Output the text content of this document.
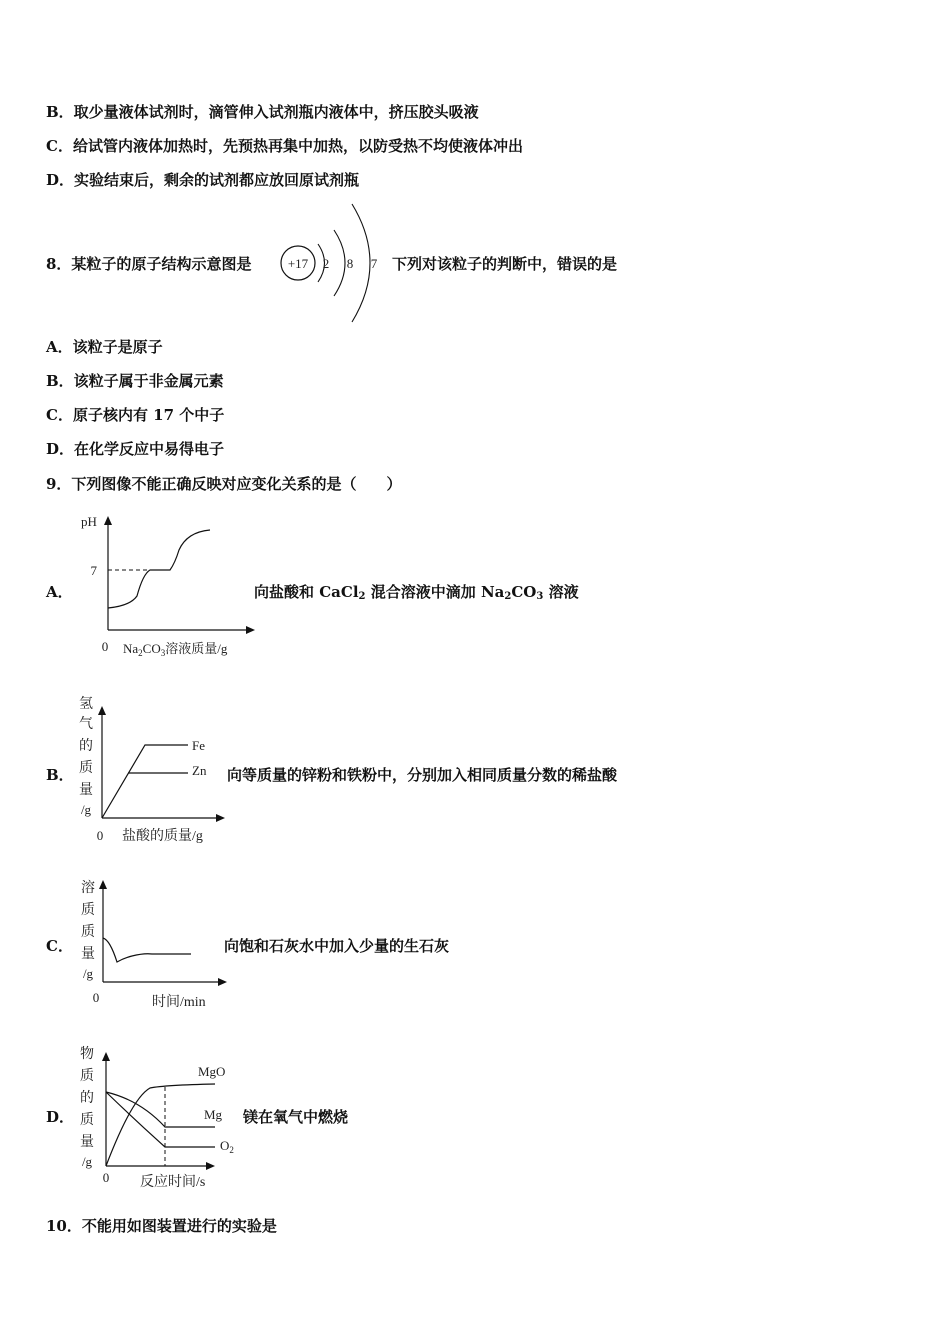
B．取少量液体试剂时，滴管伸入试剂瓶内液体中，挤压胶头吸液
C．给试管内液体加热时，先预热再集中加热，以防受热不均使液体冲出
D．实验结束后，剩余的试剂都应放回原试剂瓶
8．某粒子的原子结构示意图是	+17 2 8 7 下列对该粒子的判断中，错误的是
A．该粒子是原子
B．该粒子属于非金属元素
C．原子核内有 17 个中子
D．在化学反应中易得电子
9．下列图像不能正确反映对应变化关系的是（　　）
A．
pH
7
0 $Na_2CO_3$溶液质量/g
向盐酸和 CaCl$_2$ 混合溶液中滴加 $Na_2CO_3$ 溶液
B．
氢
气
的
质
量
/g
Fe
Zn
0 盐酸的质量/g
向等质量的锌粉和铁粉中，分别加入相同质量分数的稀盐酸
C．
溶
质
质
量
/g
0	时间/min
向饱和石灰水中加入少量的生石灰
D．
物
质
的
质
量
/g
MgO
Mg
$O_2$
0 反应时间/s
镁在氧气中燃烧
10．不能用如图装置进行的实验是
